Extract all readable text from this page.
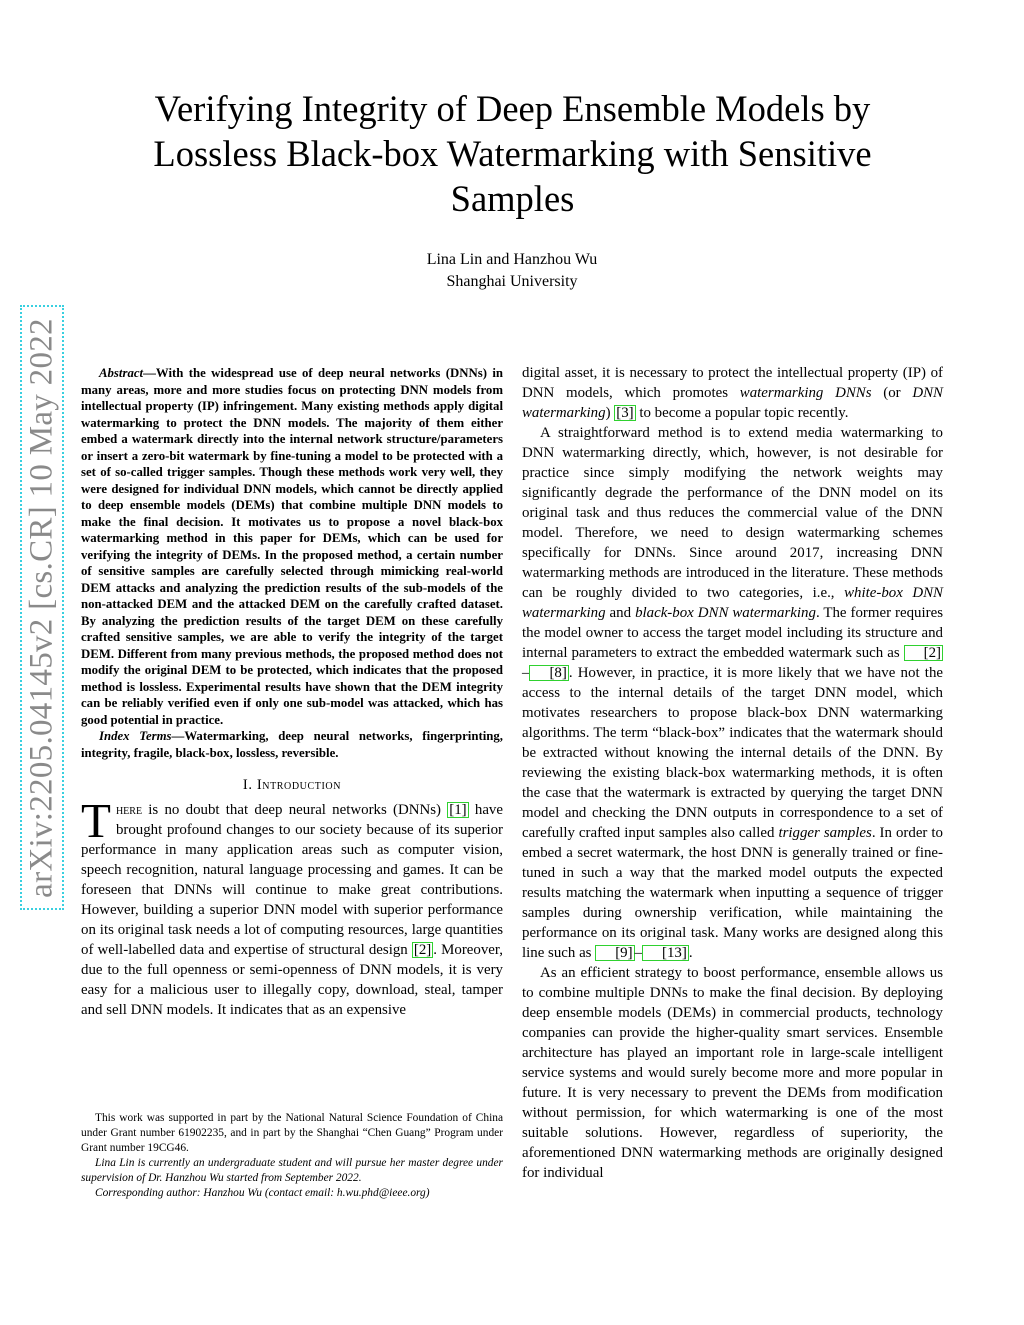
arXiv:2205.04145v2 [cs.CR] 10 May 2022
Verifying Integrity of Deep Ensemble Models by
Lossless Black-box Watermarking with Sensitive
Samples
Lina Lin and Hanzhou Wu
Shanghai University

Abstract—With the widespread use of deep neural networks (DNNs) in many areas, more and more studies focus on protecting DNN models from intellectual property (IP) infringement. Many existing methods apply digital watermarking to protect the DNN models. The majority of them either embed a watermark directly into the internal network structure/parameters or insert a zero-bit watermark by fine-tuning a model to be protected with a set of so-called trigger samples. Though these methods work very well, they were designed for individual DNN models, which cannot be directly applied to deep ensemble models (DEMs) that combine multiple DNN models to make the final decision. It motivates us to propose a novel black-box watermarking method in this paper for DEMs, which can be used for verifying the integrity of DEMs. In the proposed method, a certain number of sensitive samples are carefully selected through mimicking real-world DEM attacks and analyzing the prediction results of the sub-models of the non-attacked DEM and the attacked DEM on the carefully crafted dataset. By analyzing the prediction results of the target DEM on these carefully crafted sensitive samples, we are able to verify the integrity of the target DEM. Different from many previous methods, the proposed method does not modify the original DEM to be protected, which indicates that the proposed method is lossless. Experimental results have shown that the DEM integrity can be reliably verified even if only one sub-model was attacked, which has good potential in practice.

Index Terms—Watermarking, deep neural networks, fingerprinting, integrity, fragile, black-box, lossless, reversible.

I. Introduction

There is no doubt that deep neural networks (DNNs) [1] have brought profound changes to our society because of its superior performance in many application areas such as computer vision, speech recognition, natural language processing and games. It can be foreseen that DNNs will continue to make great contributions. However, building a superior DNN model with superior performance on its original task needs a lot of computing resources, large quantities of well-labelled data and expertise of structural design [2] . Moreover, due to the full openness or semi-openness of DNN models, it is very easy for a malicious user to illegally copy, download, steal, tamper and sell DNN models. It indicates that as an expensive

This work was supported in part by the National Natural Science Foundation of China under Grant number 61902235, and in part by the Shanghai “Chen Guang” Program under Grant number 19CG46.

Lina Lin is currently an undergraduate student and will pursue her master degree under supervision of Dr. Hanzhou Wu started from September 2022.

Corresponding author: Hanzhou Wu (contact email: h.wu.phd@ieee.org)

digital asset, it is necessary to protect the intellectual property (IP) of DNN models, which promotes watermarking DNNs (or DNN watermarking) [3] to become a popular topic recently.

A straightforward method is to extend media watermarking to DNN watermarking directly, which, however, is not desirable for practice since simply modifying the network weights may significantly degrade the performance of the DNN model on its original task and thus reduces the commercial value of the DNN model. Therefore, we need to design watermarking schemes specifically for DNNs. Since around 2017, increasing DNN watermarking methods are introduced in the literature. These methods can be roughly divided to two categories, i.e., white-box DNN watermarking and black-box DNN watermarking. The former requires the model owner to access the target model including its structure and internal parameters to extract the embedded watermark such as [2]– [8] . However, in practice, it is more likely that we have not the access to the internal details of the target DNN model, which motivates researchers to propose black-box DNN watermarking algorithms. The term “black-box” indicates that the watermark should be extracted without knowing the internal details of the DNN. By reviewing the existing black-box watermarking methods, it is often the case that the watermark is extracted by querying the target DNN model and checking the DNN outputs in correspondence to a set of carefully crafted input samples also called trigger samples. In order to embed a secret watermark, the host DNN is generally trained or fine-tuned in such a way that the marked model outputs the expected results matching the watermark when inputting a sequence of trigger samples during ownership verification, while maintaining the performance on its original task. Many works are designed along this line such as [9] – [13] .

As an efficient strategy to boost performance, ensemble allows us to combine multiple DNNs to make the final decision. By deploying deep ensemble models (DEMs) in commercial products, technology companies can provide the higher-quality smart services. Ensemble architecture has played an important role in large-scale intelligent service systems and would surely become more and more popular in future. It is very necessary to prevent the DEMs from modification without permission, for which watermarking is one of the most suitable solutions. However, regardless of superiority, the aforementioned DNN watermarking methods are originally designed for individual
